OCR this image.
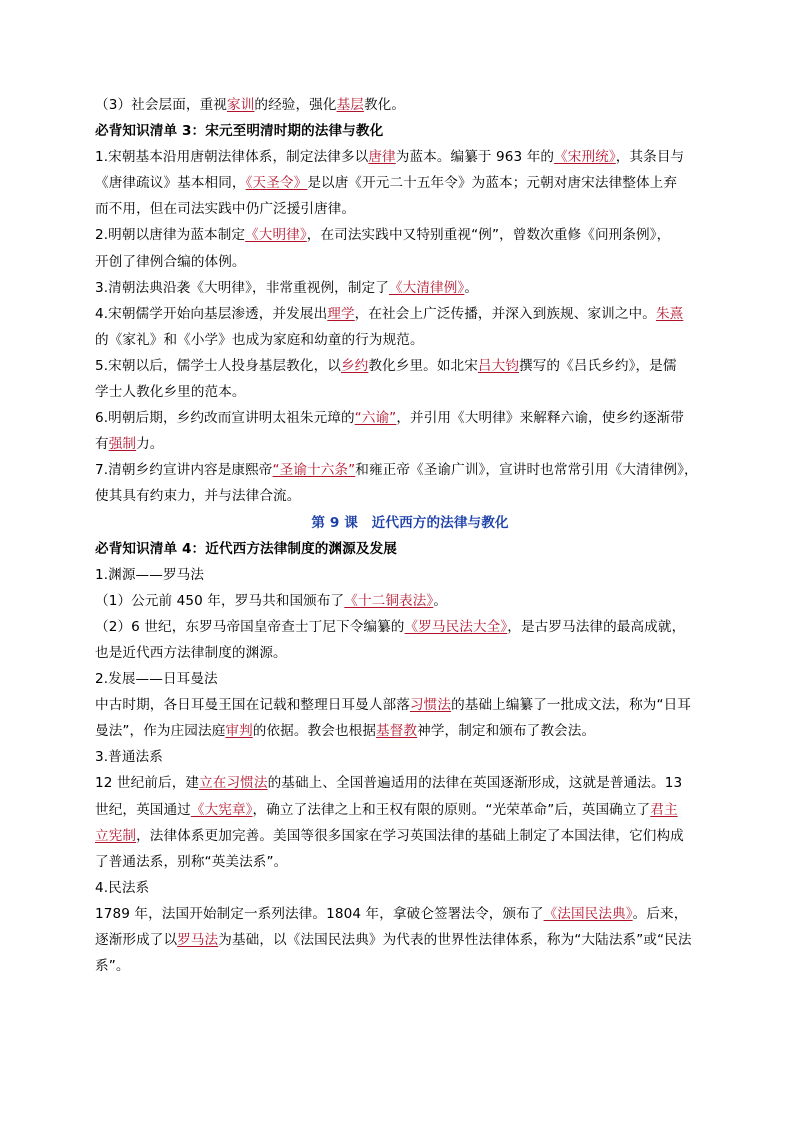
（3）社会层面，重视家训的经验，强化基层教化。
必背知识清单 3：宋元至明清时期的法律与教化
1.宋朝基本沿用唐朝法律体系，制定法律多以唐律为蓝本。编纂于 963 年的《宋刑统》，其条目与
《唐律疏议》基本相同，《天圣令》是以唐《开元二十五年令》为蓝本；元朝对唐宋法律整体上弃
而不用，但在司法实践中仍广泛援引唐律。
2.明朝以唐律为蓝本制定《大明律》，在司法实践中又特别重视“例”，曾数次重修《问刑条例》，
开创了律例合编的体例。
3.清朝法典沿袭《大明律》，非常重视例，制定了《大清律例》。
4.宋朝儒学开始向基层渗透，并发展出理学，在社会上广泛传播，并深入到族规、家训之中。朱熹
的《家礼》和《小学》也成为家庭和幼童的行为规范。
5.宋朝以后，儒学士人投身基层教化，以乡约教化乡里。如北宋吕大钧撰写的《吕氏乡约》，是儒
学士人教化乡里的范本。
6.明朝后期，乡约改而宣讲明太祖朱元璋的“六谕”，并引用《大明律》来解释六谕，使乡约逐渐带
有强制力。
7.清朝乡约宣讲内容是康熙帝“圣谕十六条”和雍正帝《圣谕广训》，宣讲时也常常引用《大清律例》，
使其具有约束力，并与法律合流。
第 9 课　近代西方的法律与教化
必背知识清单 4：近代西方法律制度的渊源及发展
1.渊源——罗马法
（1）公元前 450 年，罗马共和国颁布了《十二铜表法》。
（2）6 世纪，东罗马帝国皇帝查士丁尼下令编纂的《罗马民法大全》，是古罗马法律的最高成就，
也是近代西方法律制度的渊源。
2.发展——日耳曼法
中古时期，各日耳曼王国在记载和整理日耳曼人部落习惯法的基础上编纂了一批成文法，称为“日耳
曼法”，作为庄园法庭审判的依据。教会也根据基督教神学，制定和颁布了教会法。
3.普通法系
12 世纪前后，建立在习惯法的基础上、全国普遍适用的法律在英国逐渐形成，这就是普通法。13
世纪，英国通过《大宪章》，确立了法律之上和王权有限的原则。“光荣革命”后，英国确立了君主
立宪制，法律体系更加完善。美国等很多国家在学习英国法律的基础上制定了本国法律，它们构成
了普通法系，别称“英美法系”。
4.民法系
1789 年，法国开始制定一系列法律。1804 年，拿破仑签署法令，颁布了《法国民法典》。后来，
逐渐形成了以罗马法为基础，以《法国民法典》为代表的世界性法律体系，称为“大陆法系”或“民法
系”。
